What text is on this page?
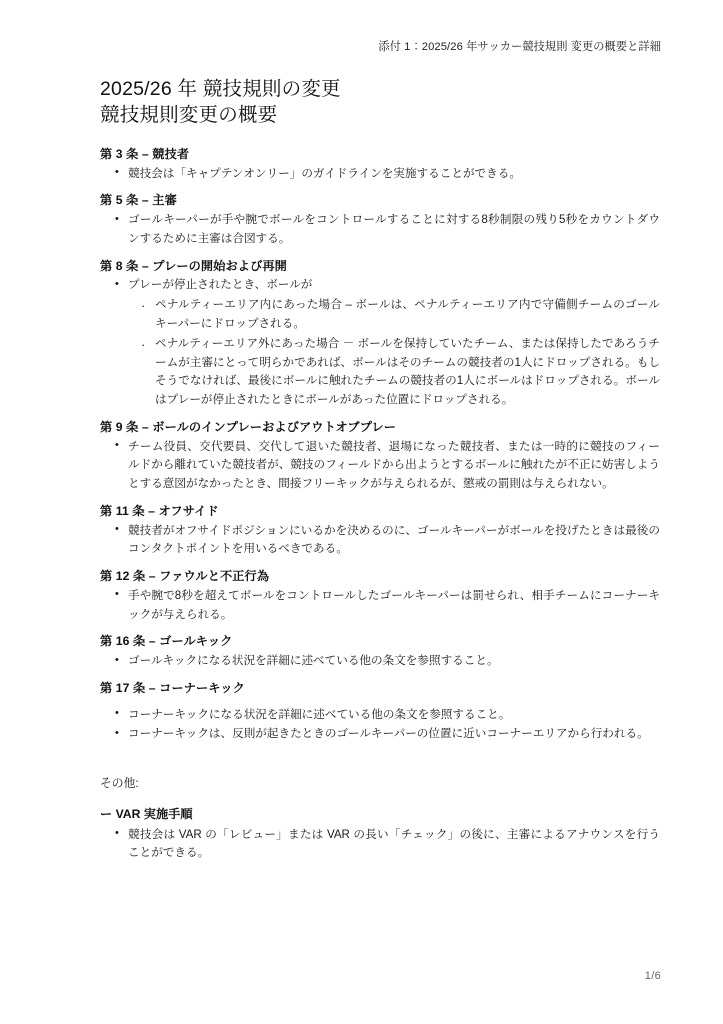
添付 1：2025/26 年サッカー競技規則 変更の概要と詳細
2025/26 年 競技規則の変更
競技規則変更の概要
第 3 条 – 競技者
• 競技会は「キャプテンオンリー」のガイドラインを実施することができる。
第 5 条 – 主審
• ゴールキーパーが手や腕でボールをコントロールすることに対する8秒制限の残り5秒をカウントダウンするために主審は合図する。
第 8 条 – プレーの開始および再開
• プレーが停止されたとき、ボールが
· ペナルティーエリア内にあった場合 – ボールは、ペナルティーエリア内で守備側チームのゴールキーパーにドロップされる。
· ペナルティーエリア外にあった場合 － ボールを保持していたチーム、または保持したであろうチームが主審にとって明らかであれば、ボールはそのチームの競技者の1人にドロップされる。もしそうでなければ、最後にボールに触れたチームの競技者の1人にボールはドロップされる。ボールはプレーが停止されたときにボールがあった位置にドロップされる。
第 9 条 – ボールのインプレーおよびアウトオブプレー
• チーム役員、交代要員、交代して退いた競技者、退場になった競技者、または一時的に競技のフィールドから離れていた競技者が、競技のフィールドから出ようとするボールに触れたが不正に妨害しようとする意図がなかったとき、間接フリーキックが与えられるが、懲戒の罰則は与えられない。
第 11 条 – オフサイド
• 競技者がオフサイドポジションにいるかを決めるのに、ゴールキーパーがボールを投げたときは最後のコンタクトポイントを用いるべきである。
第 12 条 – ファウルと不正行為
• 手や腕で8秒を超えてボールをコントロールしたゴールキーパーは罰せられ、相手チームにコーナーキックが与えられる。
第 16 条 – ゴールキック
• ゴールキックになる状況を詳細に述べている他の条文を参照すること。
第 17 条 – コーナーキック
• コーナーキックになる状況を詳細に述べている他の条文を参照すること。
• コーナーキックは、反則が起きたときのゴールキーパーの位置に近いコーナーエリアから行われる。
その他:
ー VAR 実施手順
• 競技会は VAR の「レビュー」または VAR の長い「チェック」の後に、主審によるアナウンスを行うことができる。
1/6
